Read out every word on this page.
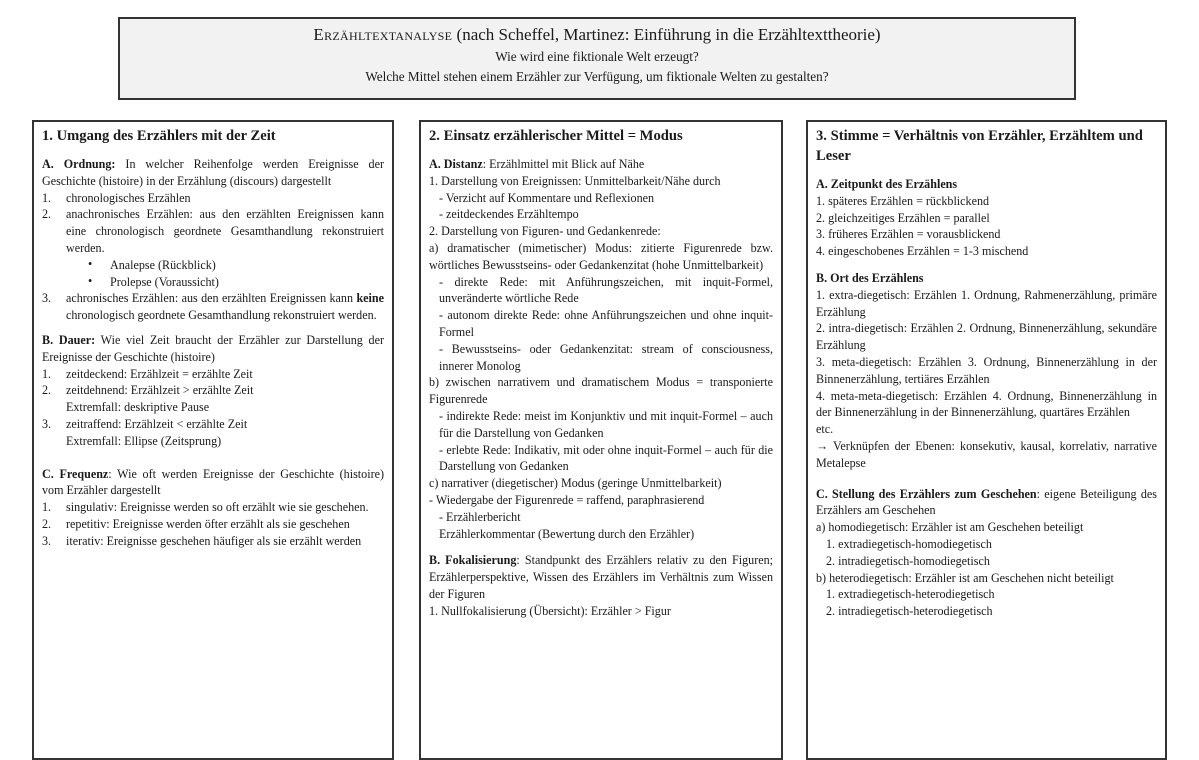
Erzähltextanalyse (nach Scheffel, Martinez: Einführung in die Erzähltexttheorie)
Wie wird eine fiktionale Welt erzeugt?
Welche Mittel stehen einem Erzähler zur Verfügung, um fiktionale Welten zu gestalten?
1. Umgang des Erzählers mit der Zeit
A. Ordnung: In welcher Reihenfolge werden Ereignisse der Geschichte (histoire) in der Erzählung (discours) dargestellt
1. chronologisches Erzählen
2. anachronisches Erzählen: aus den erzählten Ereignissen kann eine chronologisch geordnete Gesamthandlung rekonstruiert werden.
• Analepse (Rückblick)
• Prolepse (Voraussicht)
3. achronisches Erzählen: aus den erzählten Ereignissen kann keine chronologisch geordnete Gesamthandlung rekonstruiert werden.
B. Dauer: Wie viel Zeit braucht der Erzähler zur Darstellung der Ereignisse der Geschichte (histoire)
1. zeitdeckend: Erzählzeit = erzählte Zeit
2. zeitdehnend: Erzählzeit > erzählte Zeit
Extremfall: deskriptive Pause
3. zeitraffend: Erzählzeit < erzählte Zeit
Extremfall: Ellipse (Zeitsprung)
C. Frequenz: Wie oft werden Ereignisse der Geschichte (histoire) vom Erzähler dargestellt
1. singulativ: Ereignisse werden so oft erzählt wie sie geschehen.
2. repetitiv: Ereignisse werden öfter erzählt als sie geschehen
3. iterativ: Ereignisse geschehen häufiger als sie erzählt werden
2. Einsatz erzählerischer Mittel = Modus
A. Distanz: Erzählmittel mit Blick auf Nähe
1. Darstellung von Ereignissen: Unmittelbarkeit/Nähe durch
- Verzicht auf Kommentare und Reflexionen
- zeitdeckendes Erzähltempo
2. Darstellung von Figuren- und Gedankenrede:
a) dramatischer (mimetischer) Modus: zitierte Figurenrede bzw. wörtliches Bewusstseins- oder Gedankenzitat (hohe Unmittelbarkeit)
- direkte Rede: mit Anführungszeichen, mit inquit-Formel, unveränderte wörtliche Rede
- autonom direkte Rede: ohne Anführungszeichen und ohne inquit-Formel
- Bewusstseins- oder Gedankenzitat: stream of consciousness, innerer Monolog
b) zwischen narrativem und dramatischem Modus = transponierte Figurenrede
- indirekte Rede: meist im Konjunktiv und mit inquit-Formel – auch für die Darstellung von Gedanken
- erlebte Rede: Indikativ, mit oder ohne inquit-Formel – auch für die Darstellung von Gedanken
c) narrativer (diegetischer) Modus (geringe Unmittelbarkeit)
- Wiedergabe der Figurenrede = raffend, paraphrasierend
- Erzählerbericht
Erzählerkommentar (Bewertung durch den Erzähler)
B. Fokalisierung: Standpunkt des Erzählers relativ zu den Figuren; Erzählerperspektive, Wissen des Erzählers im Verhältnis zum Wissen der Figuren
1. Nullfokalisierung (Übersicht): Erzähler > Figur
3. Stimme = Verhältnis von Erzähler, Erzähltem und Leser
A. Zeitpunkt des Erzählens
1. späteres Erzählen = rückblickend
2. gleichzeitiges Erzählen = parallel
3. früheres Erzählen = vorausblickend
4. eingeschobenes Erzählen = 1-3 mischend
B. Ort des Erzählens
1. extra-diegetisch: Erzählen 1. Ordnung, Rahmenerzählung, primäre Erzählung
2. intra-diegetisch: Erzählen 2. Ordnung, Binnenerzählung, sekundäre Erzählung
3. meta-diegetisch: Erzählen 3. Ordnung, Binnenerzählung in der Binnenerzählung, tertiäres Erzählen
4. meta-meta-diegetisch: Erzählen 4. Ordnung, Binnenerzählung in der Binnenerzählung in der Binnenerzählung, quartäres Erzählen
etc.
→ Verknüpfen der Ebenen: konsekutiv, kausal, korrelativ, narrative Metalepse
C. Stellung des Erzählers zum Geschehen: eigene Beteiligung des Erzählers am Geschehen
a) homodiegetisch: Erzähler ist am Geschehen beteiligt
1. extradiegetisch-homodiegetisch
2. intradiegetisch-homodiegetisch
b) heterodiegetisch: Erzähler ist am Geschehen nicht beteiligt
1. extradiegetisch-heterodiegetisch
2. intradiegetisch-heterodiegetisch
